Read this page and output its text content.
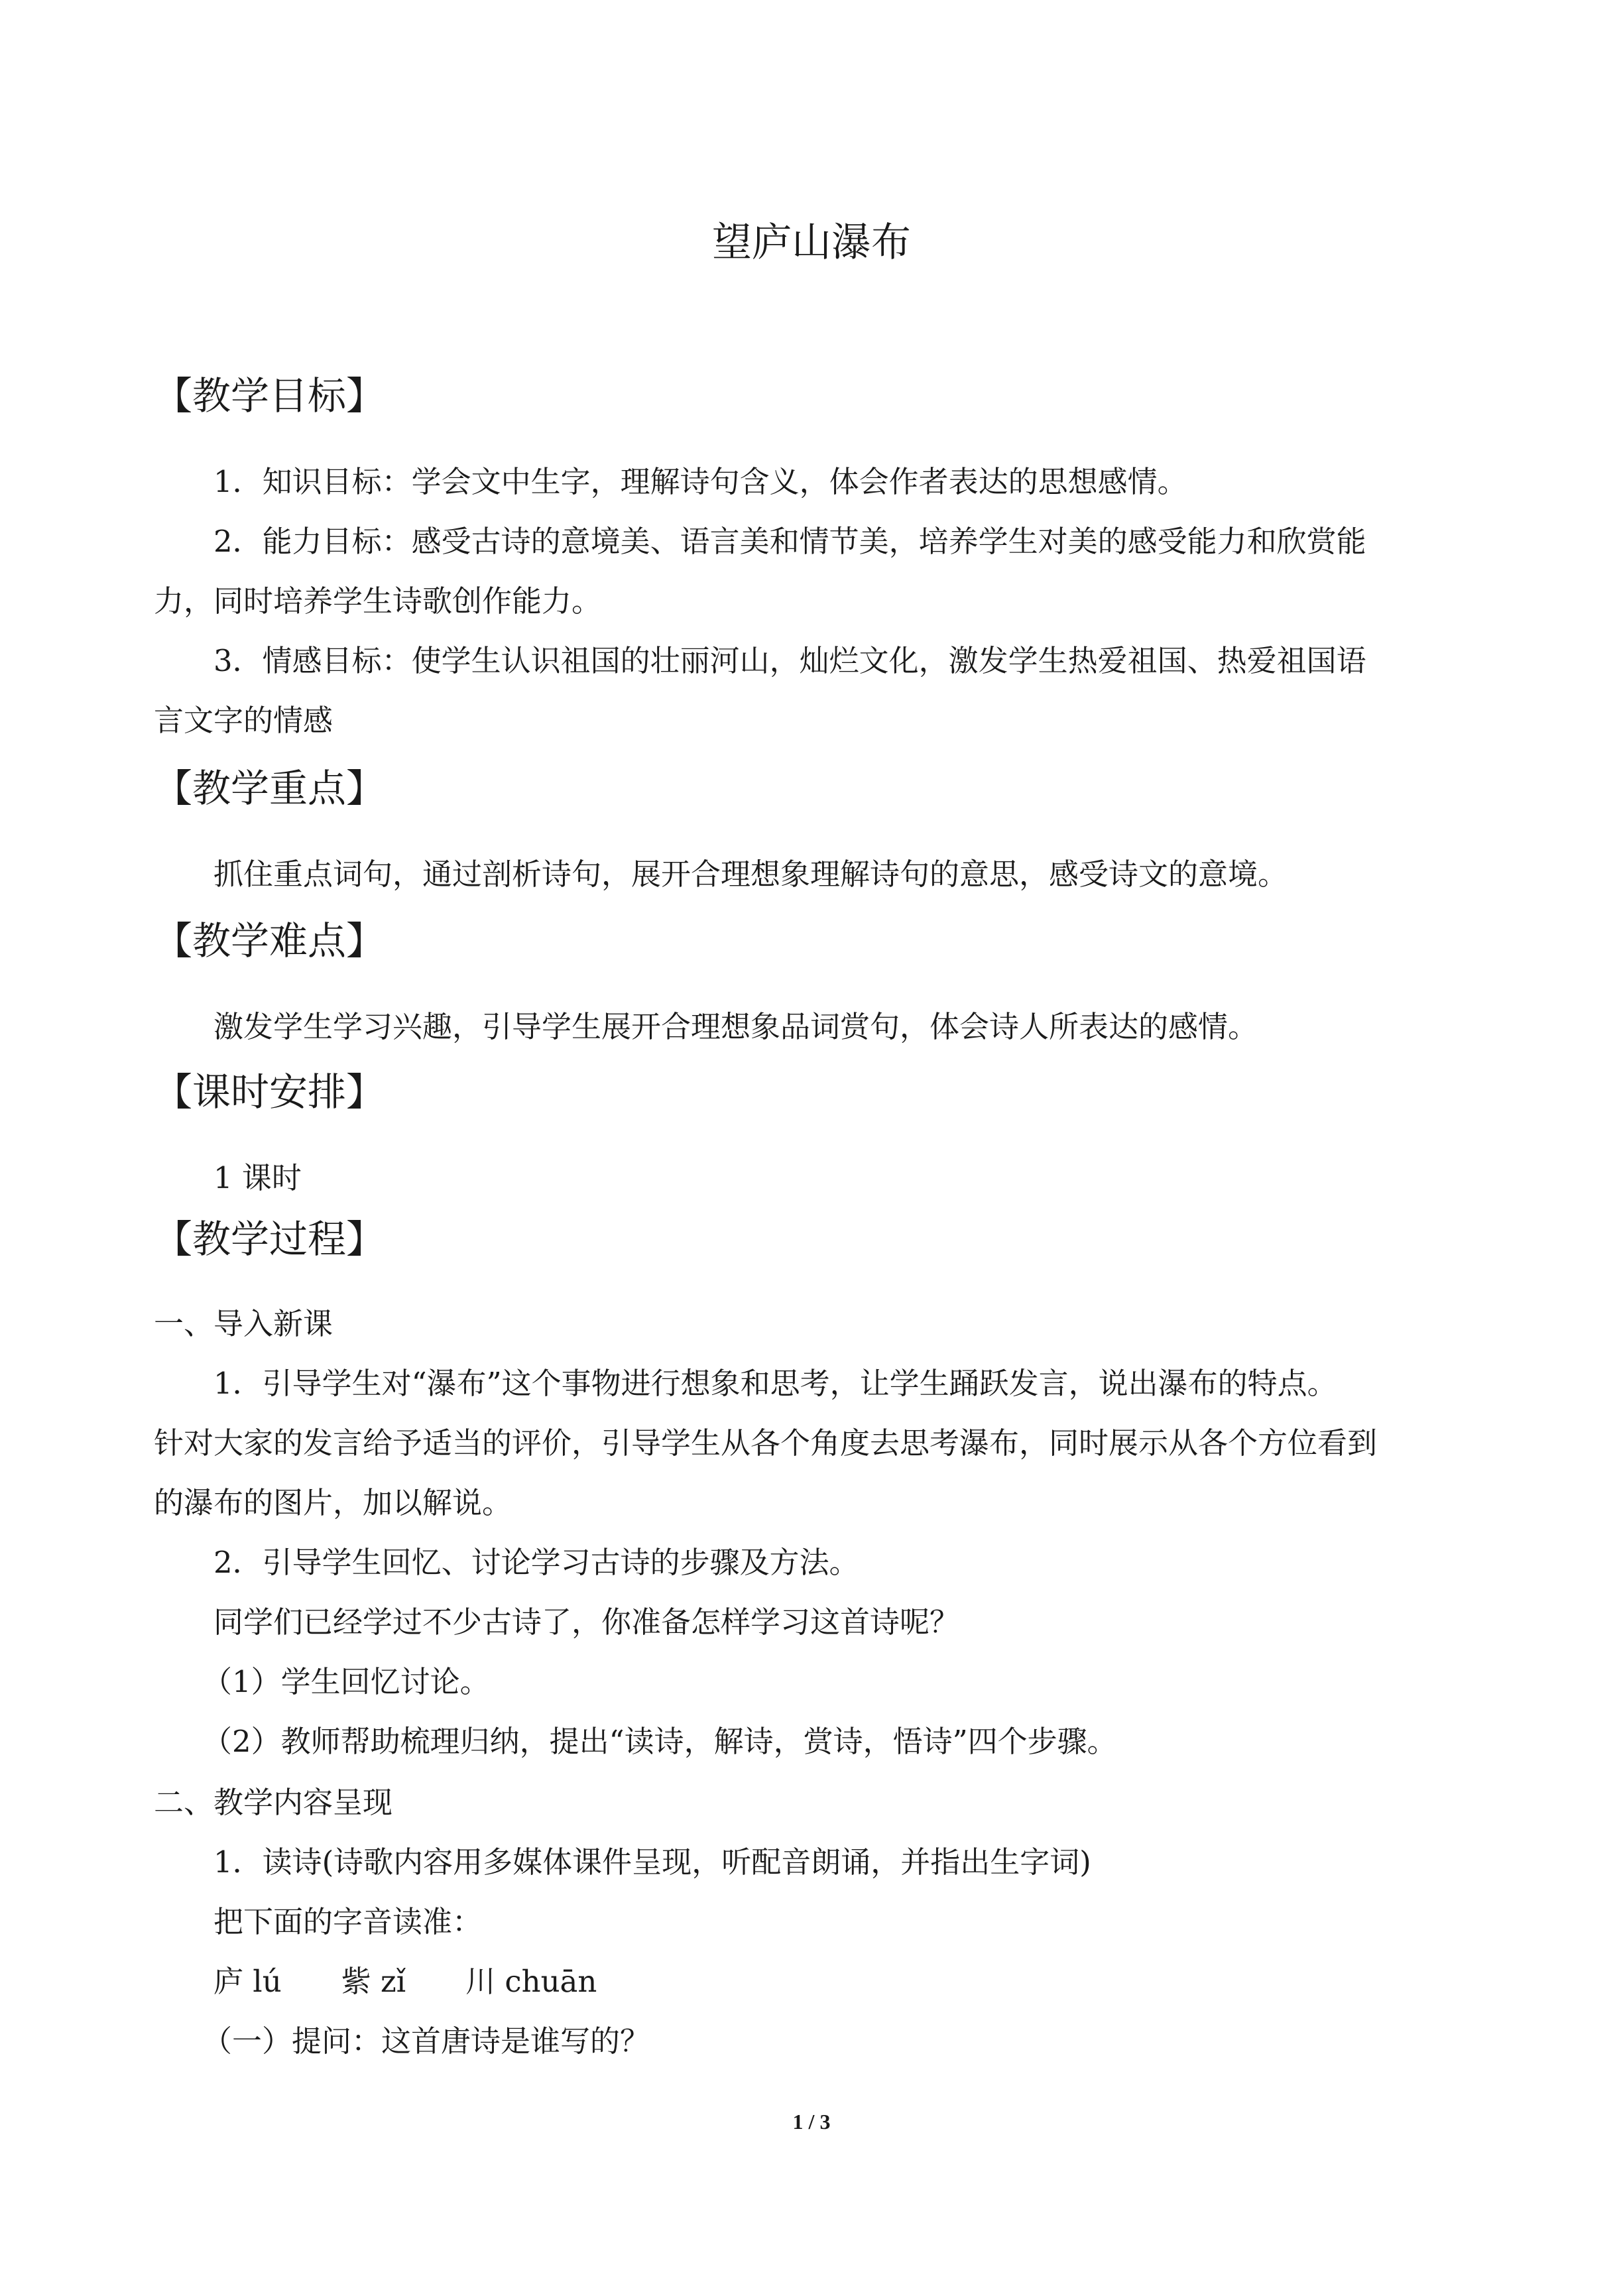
望庐山瀑布
【教学目标】
1．知识目标：学会文中生字，理解诗句含义，体会作者表达的思想感情。
2．能力目标：感受古诗的意境美、语言美和情节美，培养学生对美的感受能力和欣赏能
力，同时培养学生诗歌创作能力。
3．情感目标：使学生认识祖国的壮丽河山，灿烂文化，激发学生热爱祖国、热爱祖国语
言文字的情感
【教学重点】
抓住重点词句，通过剖析诗句，展开合理想象理解诗句的意思，感受诗文的意境。
【教学难点】
激发学生学习兴趣，引导学生展开合理想象品词赏句，体会诗人所表达的感情。
【课时安排】
1 课时
【教学过程】
一、导入新课
1．引导学生对“瀑布”这个事物进行想象和思考，让学生踊跃发言，说出瀑布的特点。
针对大家的发言给予适当的评价，引导学生从各个角度去思考瀑布，同时展示从各个方位看到
的瀑布的图片，加以解说。
2．引导学生回忆、讨论学习古诗的步骤及方法。
同学们已经学过不少古诗了，你准备怎样学习这首诗呢？
（1）学生回忆讨论。
（2）教师帮助梳理归纳，提出“读诗，解诗，赏诗，悟诗”四个步骤。
二、教学内容呈现
1．读诗(诗歌内容用多媒体课件呈现，听配音朗诵，并指出生字词)
把下面的字音读准：
庐 lú　　紫 zǐ　　川 chuān
（一）提问：这首唐诗是谁写的？
1 / 3
